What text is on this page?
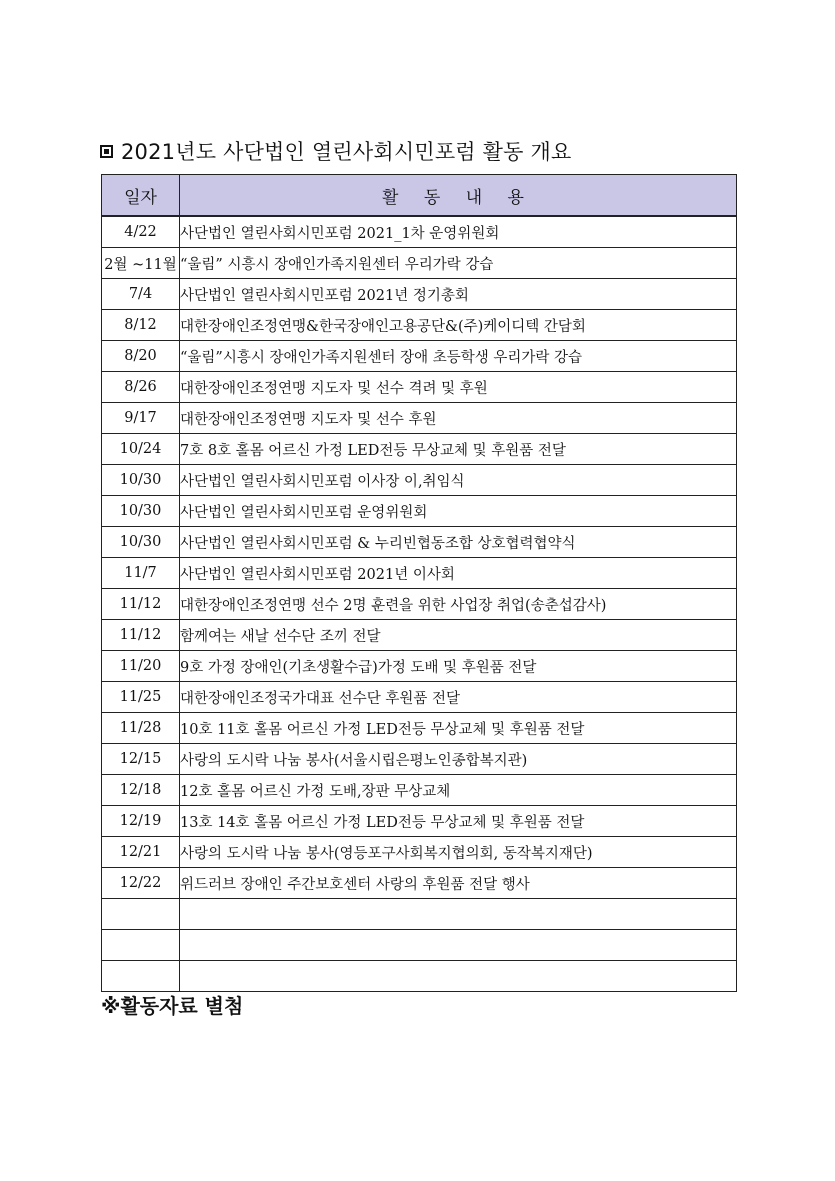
2021년도 사단법인 열린사회시민포럼 활동 개요
일자	활 동 내 용
4/22	사단법인 열린사회시민포럼 2021_1차 운영위원회
2월 ~11월	“울림” 시흥시 장애인가족지원센터 우리가락 강습
7/4	사단법인 열린사회시민포럼 2021년 정기총회
8/12	대한장애인조정연맹&한국장애인고용공단&(주)케이디텍 간담회
8/20	“울림”시흥시 장애인가족지원센터 장애 초등학생 우리가락 강습
8/26	대한장애인조정연맹 지도자 및 선수 격려 및 후원
9/17	대한장애인조정연맹 지도자 및 선수 후원
10/24	7호 8호 홀몸 어르신 가정 LED전등 무상교체 및 후원품 전달
10/30	사단법인 열린사회시민포럼 이사장 이,취임식
10/30	사단법인 열린사회시민포럼 운영위원회
10/30	사단법인 열린사회시민포럼 & 누리빈협동조합 상호협력협약식
11/7	사단법인 열린사회시민포럼 2021년 이사회
11/12	대한장애인조정연맹 선수 2명 훈련을 위한 사업장 취업(송춘섭감사)
11/12	함께여는 새날 선수단 조끼 전달
11/20	9호 가정 장애인(기초생활수급)가정 도배 및 후원품 전달
11/25	대한장애인조정국가대표 선수단 후원품 전달
11/28	10호 11호 홀몸 어르신 가정 LED전등 무상교체 및 후원품 전달
12/15	사랑의 도시락 나눔 봉사(서울시립은평노인종합복지관)
12/18	12호 홀몸 어르신 가정 도배,장판 무상교체
12/19	13호 14호 홀몸 어르신 가정 LED전등 무상교체 및 후원품 전달
12/21	사랑의 도시락 나눔 봉사(영등포구사회복지협의회, 동작복지재단)
12/22	위드러브 장애인 주간보호센터 사랑의 후원품 전달 행사

※활동자료 별첨
